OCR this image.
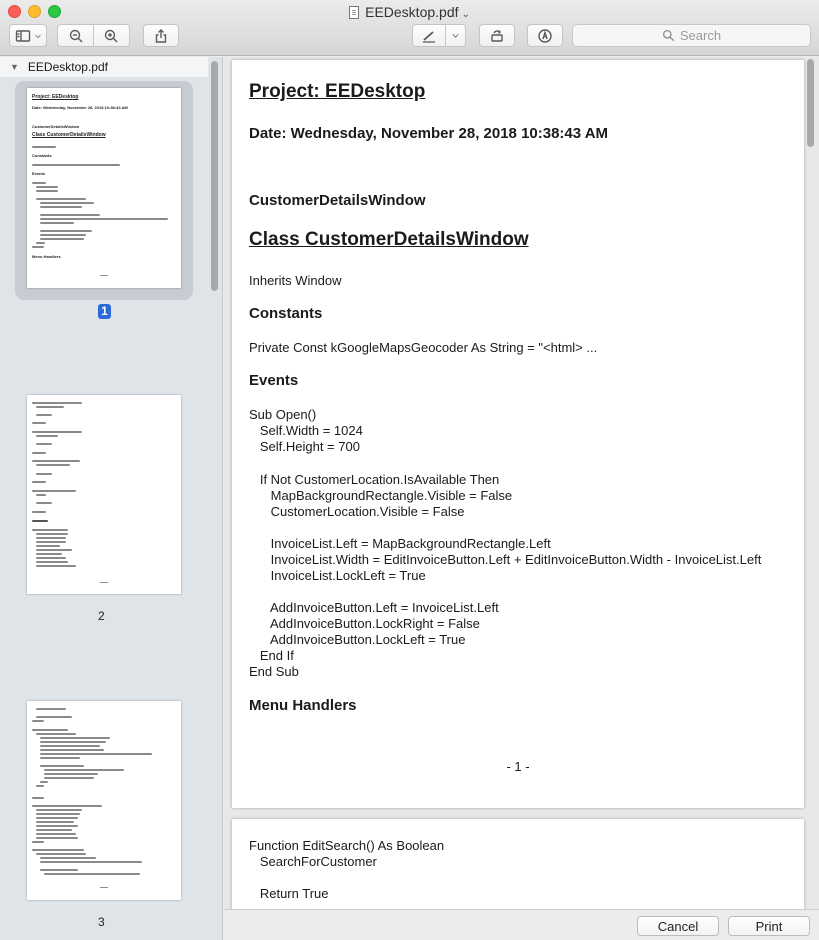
EEDesktop.pdf ⌄
Search
▼ EEDesktop.pdf
Project: EEDesktop
Date: Wednesday, November 28, 2018 10:38:43 AM
CustomerDetailsWindow
Class CustomerDetailsWindow
Constants
Events
Menu Handlers
1
2
3
Project: EEDesktop
Date: Wednesday, November 28, 2018 10:38:43 AM
CustomerDetailsWindow
Class CustomerDetailsWindow
Inherits Window
Constants
Private Const kGoogleMapsGeocoder As String = "<html> ...
Events
Sub Open()
Self.Width = 1024
Self.Height = 700
If Not CustomerLocation.IsAvailable Then
MapBackgroundRectangle.Visible = False
CustomerLocation.Visible = False
InvoiceList.Left = MapBackgroundRectangle.Left
InvoiceList.Width = EditInvoiceButton.Left + EditInvoiceButton.Width - InvoiceList.Left
InvoiceList.LockLeft = True
AddInvoiceButton.Left = InvoiceList.Left
AddInvoiceButton.LockRight = False
AddInvoiceButton.LockLeft = True
End If
End Sub
Menu Handlers
- 1 -
Function EditSearch() As Boolean
SearchForCustomer
Return True
Cancel	Print
